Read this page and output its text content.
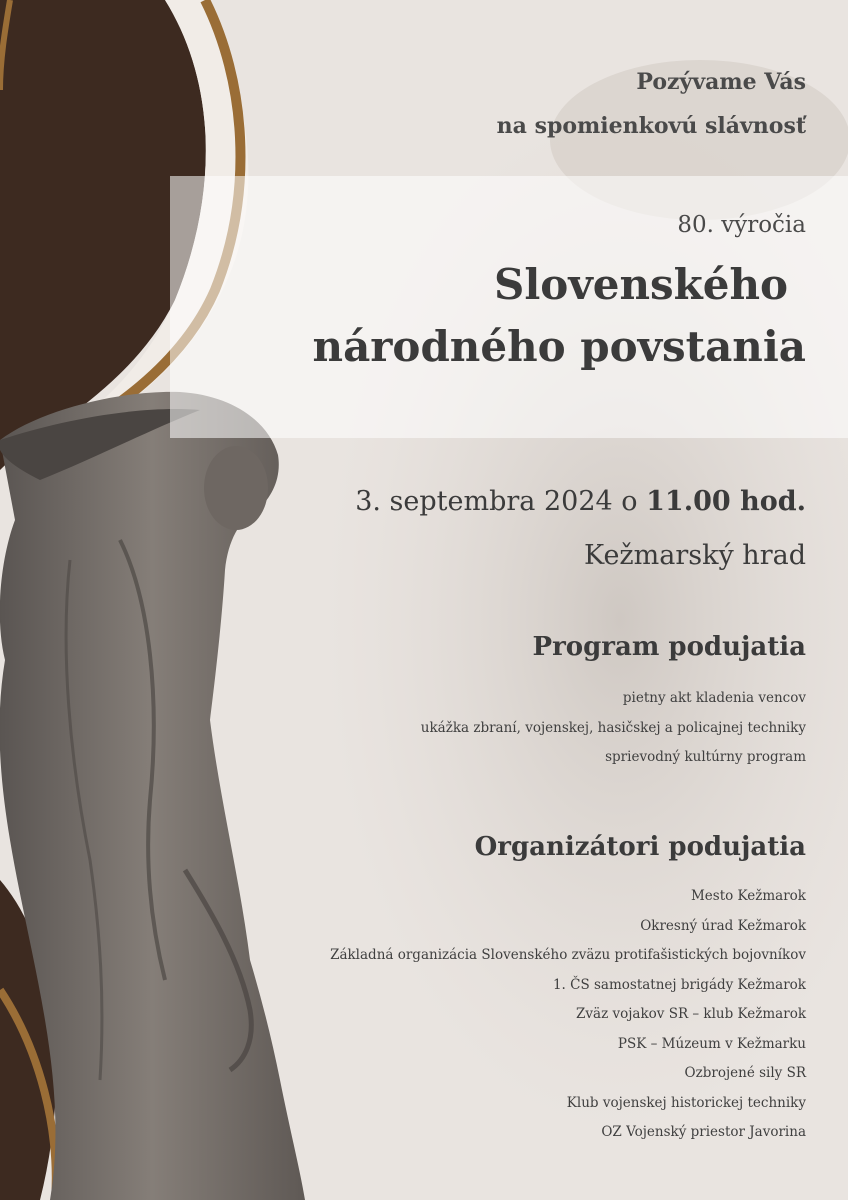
Pozývame Vás
na spomienkovú slávnosť
80. výročia
Slovenského
národného povstania
3. septembra 2024 o 11.00 hod.
Kežmarský hrad
Program podujatia
pietny akt kladenia vencov
ukážka zbraní, vojenskej, hasičskej a policajnej techniky
sprievodný kultúrny program
Organizátori podujatia
Mesto Kežmarok
Okresný úrad Kežmarok
Základná organizácia Slovenského zväzu protifašistických bojovníkov
1. ČS samostatnej brigády Kežmarok
Zväz vojakov SR – klub Kežmarok
PSK – Múzeum v Kežmarku
Ozbrojené sily SR
Klub vojenskej historickej techniky
OZ Vojenský priestor Javorina
